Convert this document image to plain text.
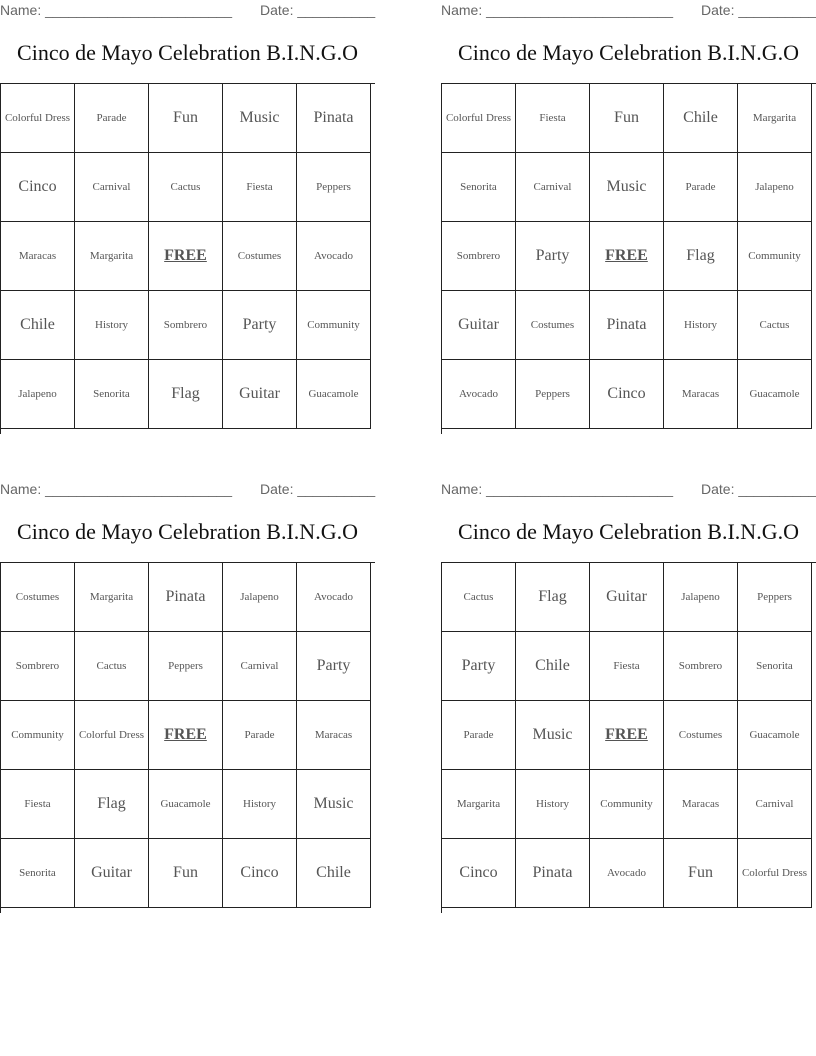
Name: ________________________ Date: __________
Cinco de Mayo Celebration B.I.N.G.O
Colorful Dress	Parade	Fun	Music	Pinata
Cinco	Carnival	Cactus	Fiesta	Peppers
Maracas	Margarita	FREE	Costumes	Avocado
Chile	History	Sombrero	Party	Community
Jalapeno	Senorita	Flag	Guitar	Guacamole
Name: ________________________ Date: __________
Cinco de Mayo Celebration B.I.N.G.O
Colorful Dress	Fiesta	Fun	Chile	Margarita
Senorita	Carnival	Music	Parade	Jalapeno
Sombrero	Party	FREE	Flag	Community
Guitar	Costumes	Pinata	History	Cactus
Avocado	Peppers	Cinco	Maracas	Guacamole
Name: ________________________ Date: __________
Cinco de Mayo Celebration B.I.N.G.O
Costumes	Margarita	Pinata	Jalapeno	Avocado
Sombrero	Cactus	Peppers	Carnival	Party
Community	Colorful Dress	FREE	Parade	Maracas
Fiesta	Flag	Guacamole	History	Music
Senorita	Guitar	Fun	Cinco	Chile
Name: ________________________ Date: __________
Cinco de Mayo Celebration B.I.N.G.O
Cactus	Flag	Guitar	Jalapeno	Peppers
Party	Chile	Fiesta	Sombrero	Senorita
Parade	Music	FREE	Costumes	Guacamole
Margarita	History	Community	Maracas	Carnival
Cinco	Pinata	Avocado	Fun	Colorful Dress
